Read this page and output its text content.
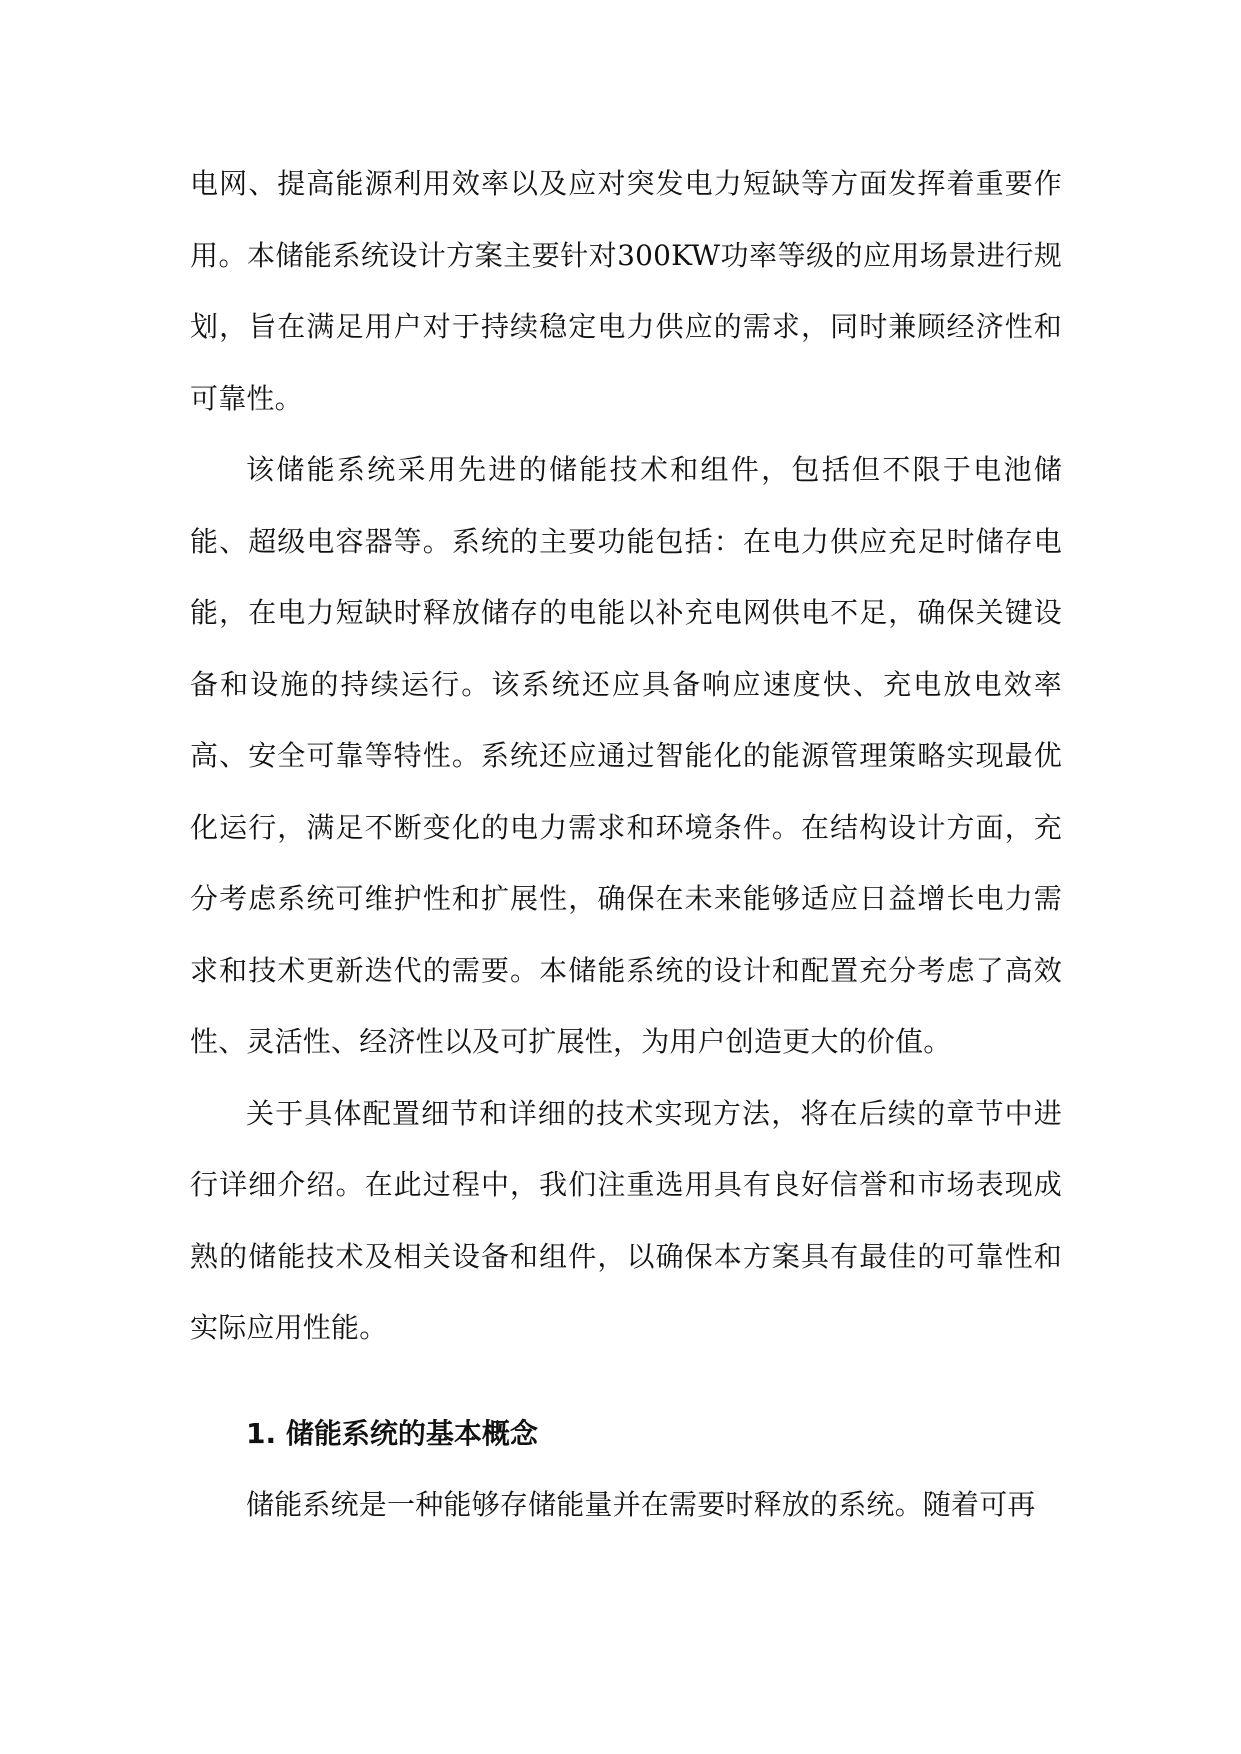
电网、提高能源利用效率以及应对突发电力短缺等方面发挥着重要作用。本储能系统设计方案主要针对300KW功率等级的应用场景进行规划，旨在满足用户对于持续稳定电力供应的需求，同时兼顾经济性和可靠性。

该储能系统采用先进的储能技术和组件，包括但不限于电池储能、超级电容器等。系统的主要功能包括：在电力供应充足时储存电能，在电力短缺时释放储存的电能以补充电网供电不足，确保关键设备和设施的持续运行。该系统还应具备响应速度快、充电放电效率高、安全可靠等特性。系统还应通过智能化的能源管理策略实现最优化运行，满足不断变化的电力需求和环境条件。在结构设计方面，充分考虑系统可维护性和扩展性，确保在未来能够适应日益增长电力需求和技术更新迭代的需要。本储能系统的设计和配置充分考虑了高效性、灵活性、经济性以及可扩展性，为用户创造更大的价值。

关于具体配置细节和详细的技术实现方法，将在后续的章节中进行详细介绍。在此过程中，我们注重选用具有良好信誉和市场表现成熟的储能技术及相关设备和组件，以确保本方案具有最佳的可靠性和实际应用性能。

1. 储能系统的基本概念

储能系统是一种能够存储能量并在需要时释放的系统。随着可再
